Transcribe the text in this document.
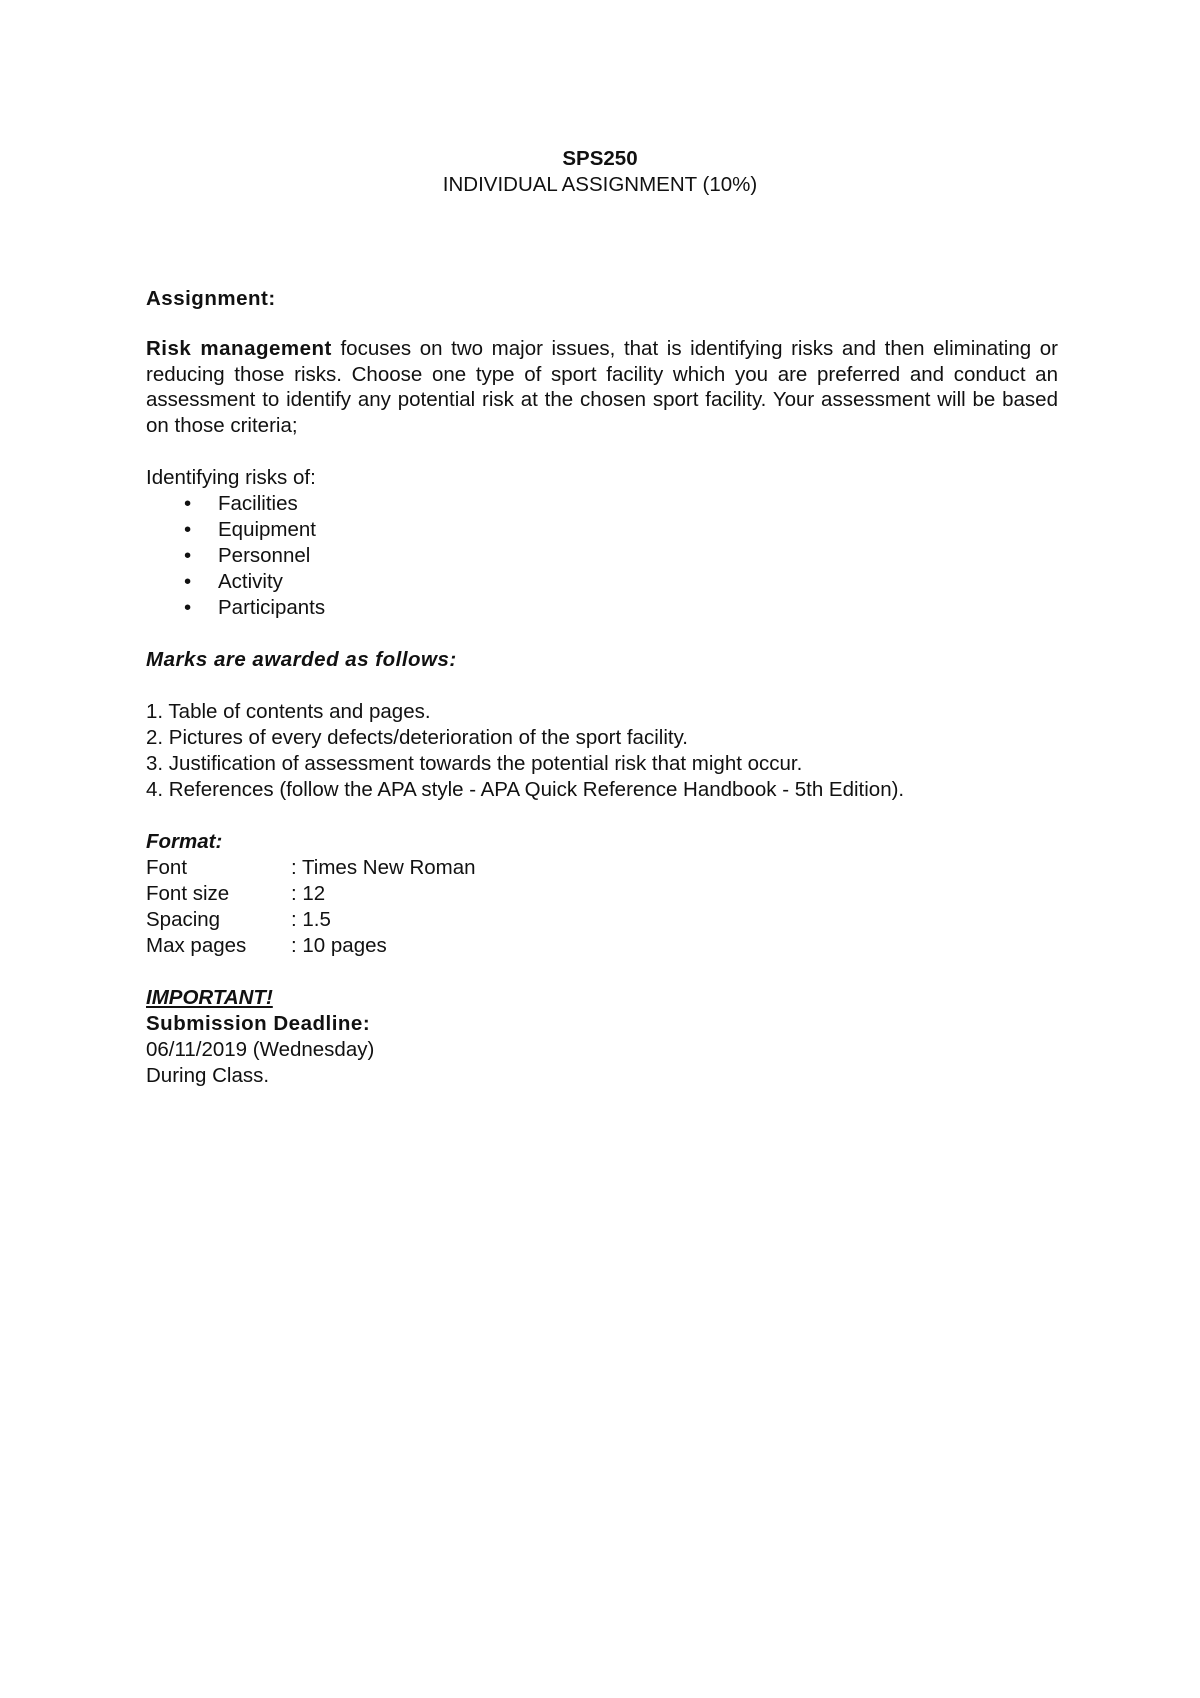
SPS250
INDIVIDUAL ASSIGNMENT (10%)
Assignment:
Risk management focuses on two major issues, that is identifying risks and then eliminating or reducing those risks. Choose one type of sport facility which you are preferred and conduct an assessment to identify any potential risk at the chosen sport facility. Your assessment will be based on those criteria;
Identifying risks of:
• Facilities
• Equipment
• Personnel
• Activity
• Participants
Marks are awarded as follows:
1. Table of contents and pages.
2. Pictures of every defects/deterioration of the sport facility.
3. Justification of assessment towards the potential risk that might occur.
4. References (follow the APA style - APA Quick Reference Handbook - 5th Edition).
Format:
Font	: Times New Roman
Font size	: 12
Spacing	: 1.5
Max pages : 10 pages
IMPORTANT!
Submission Deadline:
06/11/2019 (Wednesday)
During Class.
